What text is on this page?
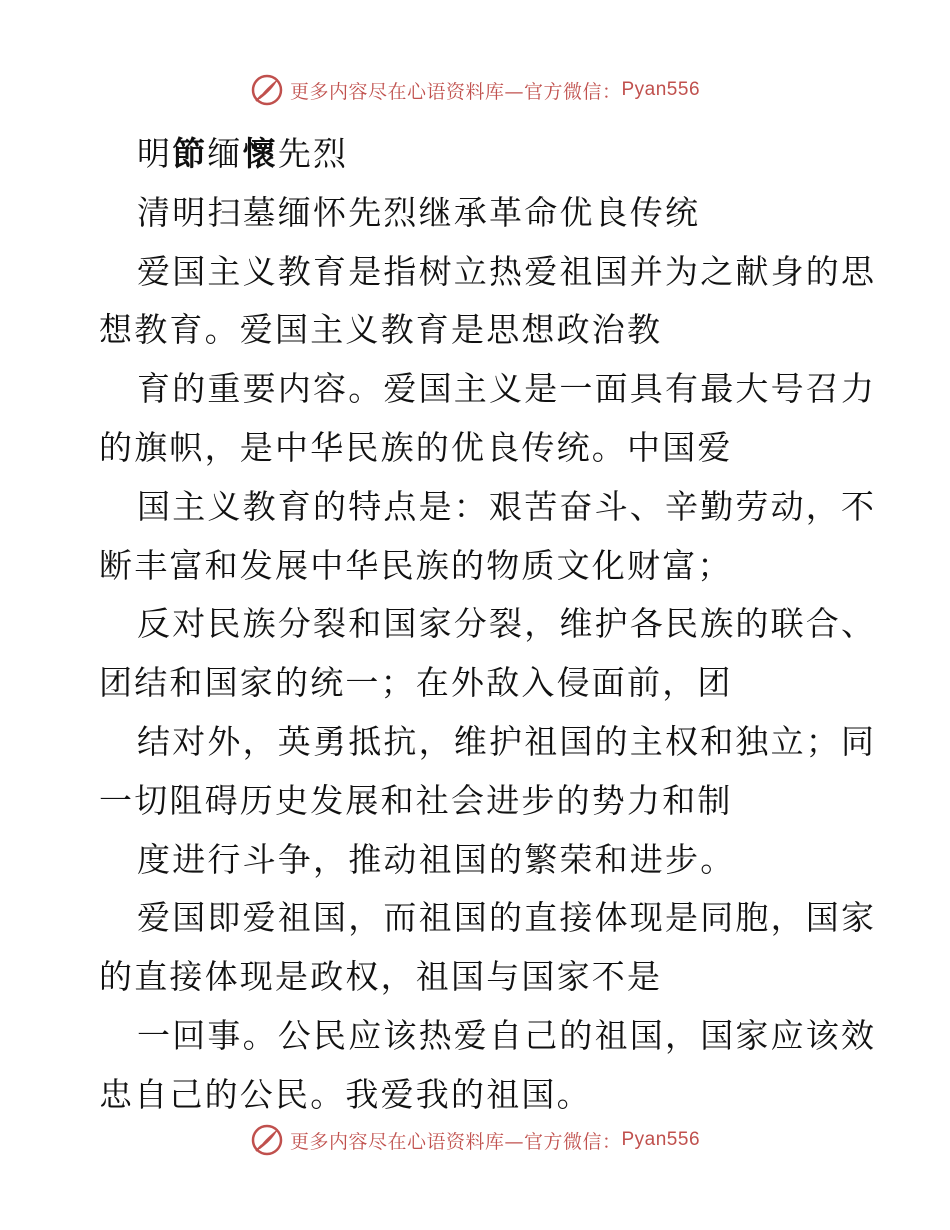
更多内容尽在心语资料库—官方微信： Pyan556
明節缅懷先烈
清明扫墓缅怀先烈继承革命优良传统
爱国主义教育是指树立热爱祖国并为之献身的思
想教育。爱国主义教育是思想政治教
育的重要内容。爱国主义是一面具有最大号召力
的旗帜，是中华民族的优良传统。中国爱
国主义教育的特点是：艰苦奋斗、辛勤劳动，不
断丰富和发展中华民族的物质文化财富；
反对民族分裂和国家分裂，维护各民族的联合、
团结和国家的统一；在外敌入侵面前，团
结对外，英勇抵抗，维护祖国的主权和独立；同
一切阻碍历史发展和社会进步的势力和制
度进行斗争，推动祖国的繁荣和进步。
爱国即爱祖国，而祖国的直接体现是同胞，国家
的直接体现是政权，祖国与国家不是
一回事。公民应该热爱自己的祖国，国家应该效
忠自己的公民。我爱我的祖国。
更多内容尽在心语资料库—官方微信： Pyan556
